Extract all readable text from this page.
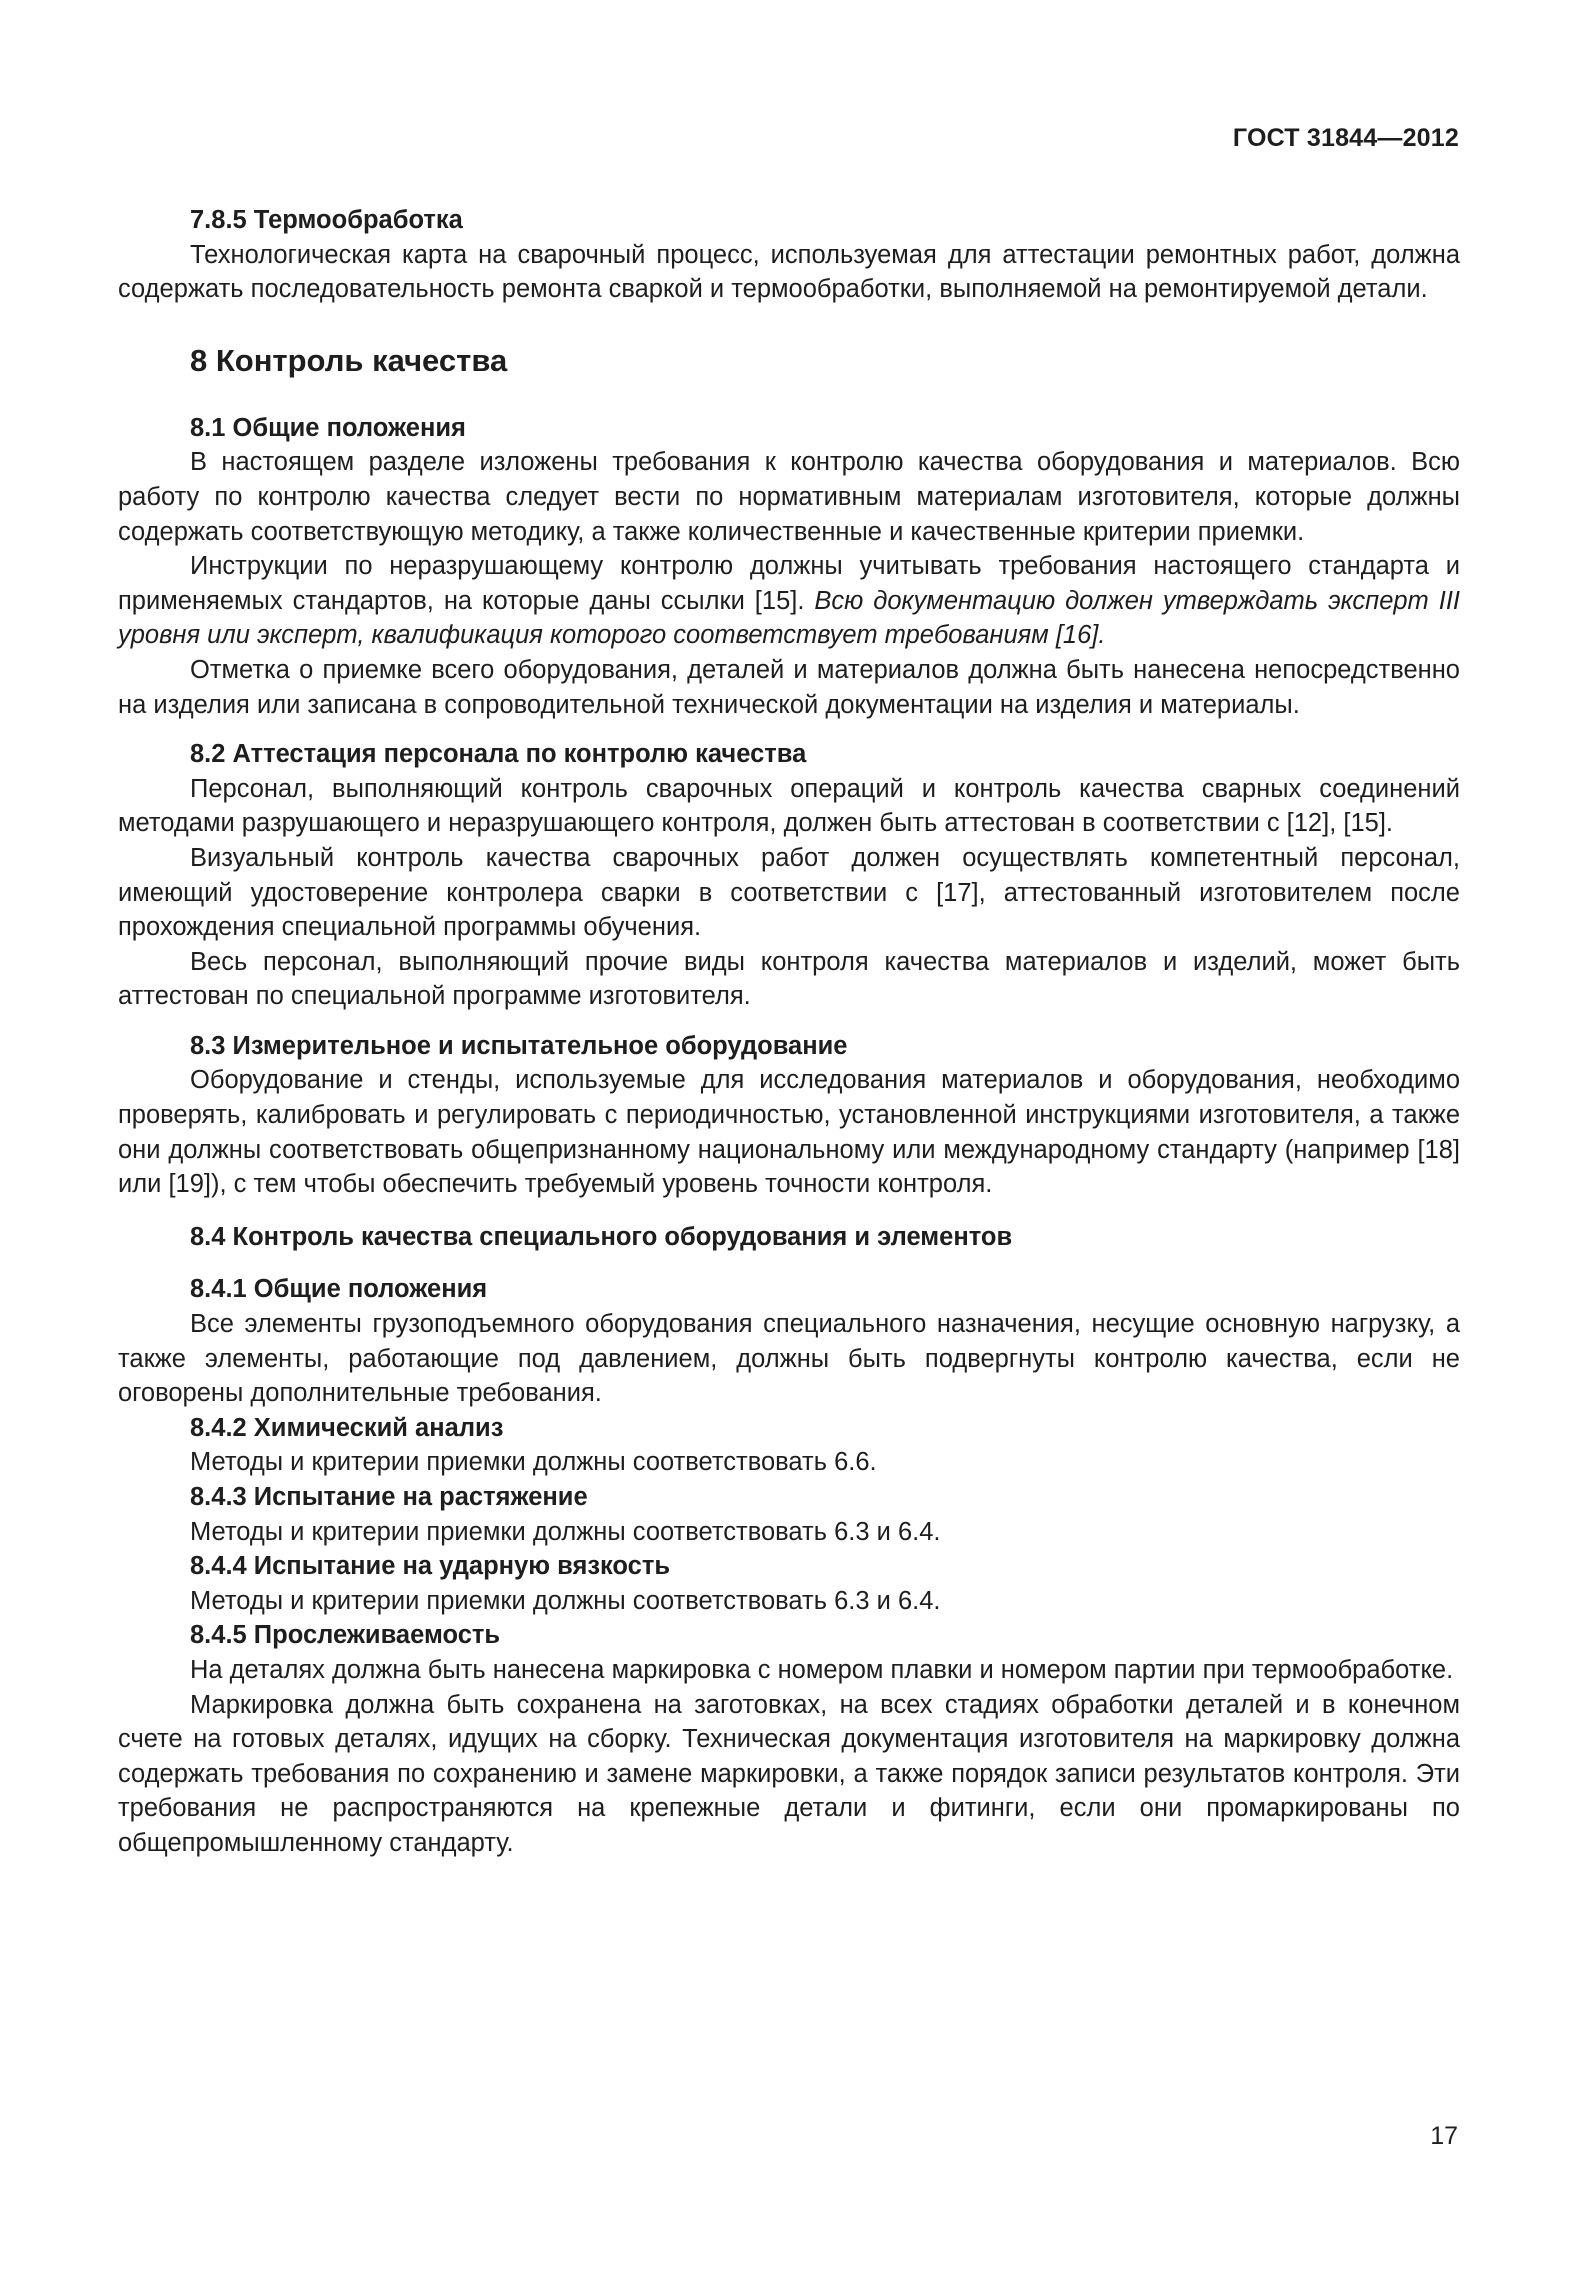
ГОСТ 31844—2012
7.8.5 Термообработка

Технологическая карта на сварочный процесс, используемая для аттестации ремонтных работ, должна содержать последовательность ремонта сваркой и термообработки, выполняемой на ремонтируемой детали.

8 Контроль качества
8.1 Общие положения

В настоящем разделе изложены требования к контролю качества оборудования и материалов. Всю работу по контролю качества следует вести по нормативным материалам изготовителя, которые должны содержать соответствующую методику, а также количественные и качественные критерии приемки.

Инструкции по неразрушающему контролю должны учитывать требования настоящего стандарта и применяемых стандартов, на которые даны ссылки [15]. Всю документацию должен утверждать эксперт III уровня или эксперт, квалификация которого соответствует требованиям [16].

Отметка о приемке всего оборудования, деталей и материалов должна быть нанесена непосредственно на изделия или записана в сопроводительной технической документации на изделия и материалы.

8.2 Аттестация персонала по контролю качества

Персонал, выполняющий контроль сварочных операций и контроль качества сварных соединений методами разрушающего и неразрушающего контроля, должен быть аттестован в соответствии с [12], [15].

Визуальный контроль качества сварочных работ должен осуществлять компетентный персонал, имеющий удостоверение контролера сварки в соответствии с [17], аттестованный изготовителем после прохождения специальной программы обучения.

Весь персонал, выполняющий прочие виды контроля качества материалов и изделий, может быть аттестован по специальной программе изготовителя.

8.3 Измерительное и испытательное оборудование

Оборудование и стенды, используемые для исследования материалов и оборудования, необходимо проверять, калибровать и регулировать с периодичностью, установленной инструкциями изготовителя, а также они должны соответствовать общепризнанному национальному или международному стандарту (например [18] или [19]), с тем чтобы обеспечить требуемый уровень точности контроля.

8.4 Контроль качества специального оборудования и элементов
8.4.1 Общие положения

Все элементы грузоподъемного оборудования специального назначения, несущие основную нагрузку, а также элементы, работающие под давлением, должны быть подвергнуты контролю качества, если не оговорены дополнительные требования.

8.4.2 Химический анализ

Методы и критерии приемки должны соответствовать 6.6.

8.4.3 Испытание на растяжение

Методы и критерии приемки должны соответствовать 6.3 и 6.4.

8.4.4 Испытание на ударную вязкость

Методы и критерии приемки должны соответствовать 6.3 и 6.4.

8.4.5 Прослеживаемость

На деталях должна быть нанесена маркировка с номером плавки и номером партии при термообработке.

Маркировка должна быть сохранена на заготовках, на всех стадиях обработки деталей и в конечном счете на готовых деталях, идущих на сборку. Техническая документация изготовителя на маркировку должна содержать требования по сохранению и замене маркировки, а также порядок записи результатов контроля. Эти требования не распространяются на крепежные детали и фитинги, если они промаркированы по общепромышленному стандарту.

17
